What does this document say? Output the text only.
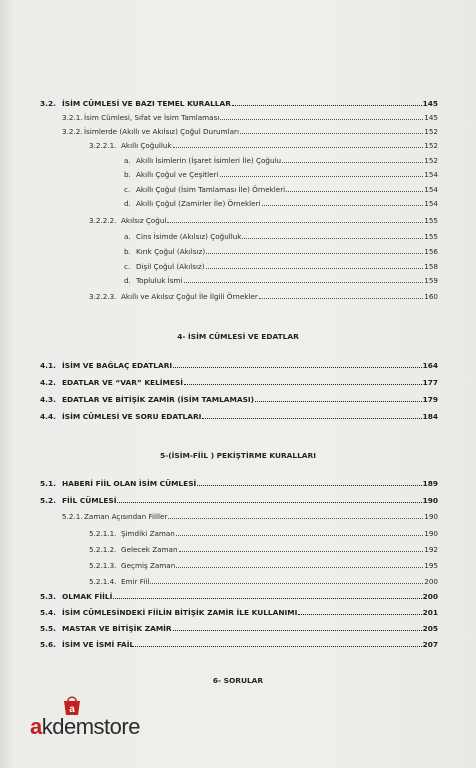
3.2. İSİM CÜMLESİ VE BAZI TEMEL KURALLAR	145
3.2.1. İsim Cümlesi, Sıfat ve İsim Tamlaması	145
3.2.2. İsimlerde (Akıllı ve Akılsız) Çoğul Durumları	152
3.2.2.1. Akıllı Çoğulluk	152
a. Akıllı İsimlerin (İşaret İsimleri İle) Çoğulu	152
b. Akıllı Çoğul ve Çeşitleri	154
c. Akıllı Çoğul (İsim Tamlaması İle) Örnekleri	154
d. Akıllı Çoğul (Zamirler İle) Örnekleri	154
3.2.2.2. Akılsız Çoğul	155
a. Cins İsimde (Akılsız) Çoğulluk	155
b. Kırık Çoğul (Akılsız)	156
c. Dişil Çoğul (Akılsız)	158
d. Topluluk İsmi	159
3.2.2.3. Akıllı ve Akılsız Çoğul İle İlgili Örnekler	160
4- İSİM CÜMLESİ VE EDATLAR
4.1. İSİM VE BAĞLAÇ EDATLARI	164
4.2. EDATLAR VE “VAR” KELİMESİ	177
4.3. EDATLAR VE BİTİŞİK ZAMİR (İSİM TAMLAMASI)	179
4.4. İSİM CÜMLESİ VE SORU EDATLARI	184
5-(İSİM-FİİL ) PEKİŞTİRME KURALLARI
5.1. HABERİ FİİL OLAN İSİM CÜMLESİ	189
5.2. FİİL CÜMLESİ	190
5.2.1. Zaman Açısından Fiiller	190
5.2.1.1. Şimdiki Zaman	190
5.2.1.2. Gelecek Zaman	192
5.2.1.3. Geçmiş Zaman	195
5.2.1.4. Emir Fiil	200
5.3. OLMAK FİİLİ	200
5.4. İSİM CÜMLESİNDEKİ FİİLİN BİTİŞİK ZAMİR İLE KULLANIMI	201
5.5. MASTAR VE BİTİŞİK ZAMİR	205
5.6. İSİM VE İSMİ FAİL	207
6- SORULAR
a
akdemstore
